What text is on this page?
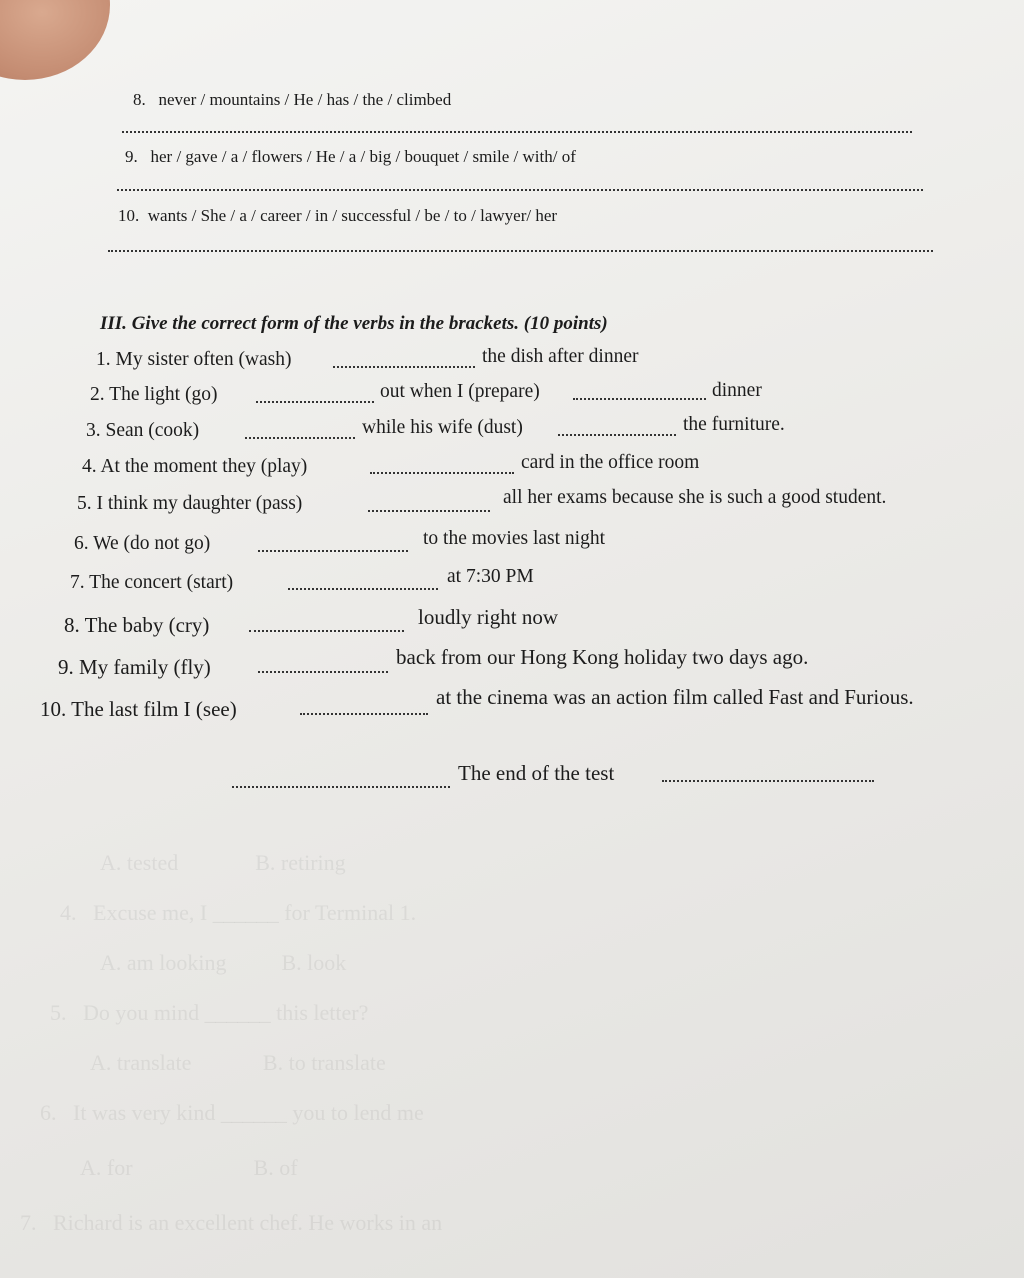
A. tested              B. retiring
4.   Excuse me, I ______ for Terminal 1.
A. am looking          B. look
5.   Do you mind ______ this letter?
A. translate             B. to translate
6.   It was very kind ______ you to lend me
A. for                      B. of
7.   Richard is an excellent chef. He works in an
8. never / mountains / He / has / the / climbed
9. her / gave / a / flowers / He / a / big / bouquet / smile / with/ of
10. wants / She / a / career / in / successful / be / to / lawyer/ her
III. Give the correct form of the verbs in the brackets. (10 points)
1. My sister often (wash)	the dish after dinner
2. The light (go)	out when I (prepare)	dinner
3. Sean (cook)	while his wife (dust)	the furniture.
4. At the moment they (play)	card in the office room
5. I think my daughter (pass)	all her exams because she is such a good student.
6. We (do not go)	to the movies last night
7. The concert (start)	at 7:30 PM
8. The baby (cry)	loudly right now
9. My family (fly)	back from our Hong Kong holiday two days ago.
10. The last film I (see)	at the cinema was an action film called Fast and Furious.
The end of the test
